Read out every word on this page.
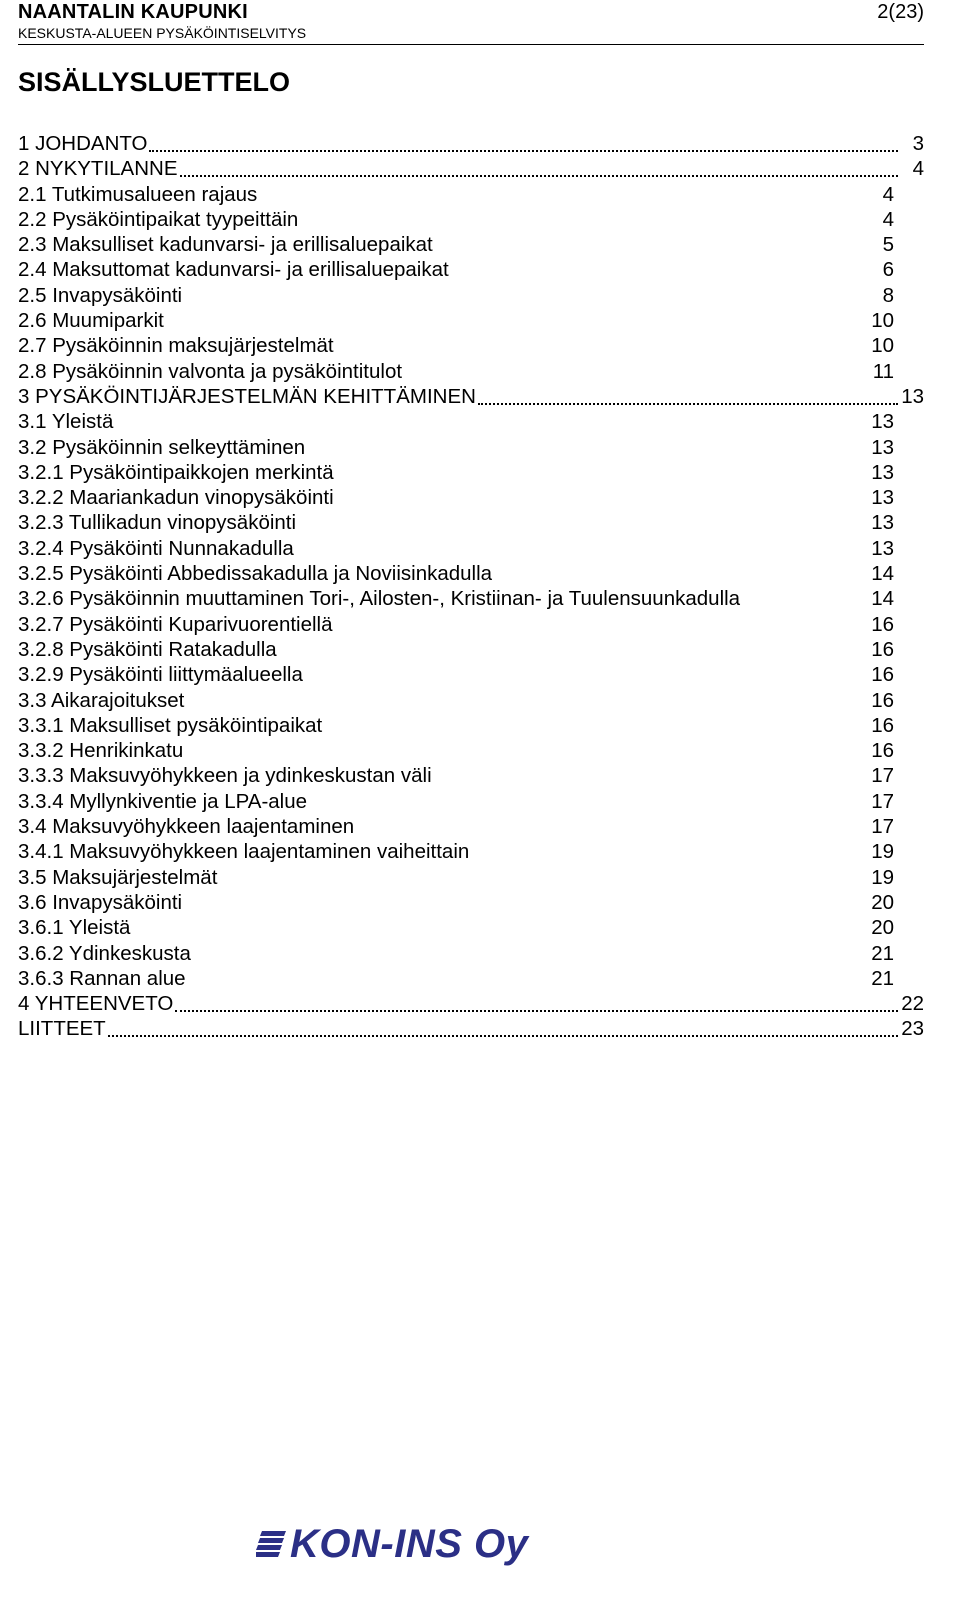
NAANTALIN KAUPUNKI	2(23)
KESKUSTA-ALUEEN PYSÄKÖINTISELVITYS
SISÄLLYSLUETTELO
1 JOHDANTO	3
2 NYKYTILANNE	4
2.1 Tutkimusalueen rajaus	4
2.2 Pysäköintipaikat tyypeittäin	4
2.3 Maksulliset kadunvarsi- ja erillisaluepaikat	5
2.4 Maksuttomat kadunvarsi- ja erillisaluepaikat	6
2.5 Invapysäköinti	8
2.6 Muumiparkit	10
2.7 Pysäköinnin maksujärjestelmät	10
2.8 Pysäköinnin valvonta ja pysäköintitulot	11
3 PYSÄKÖINTIJÄRJESTELMÄN KEHITTÄMINEN	13
3.1 Yleistä	13
3.2 Pysäköinnin selkeyttäminen	13
3.2.1 Pysäköintipaikkojen merkintä	13
3.2.2 Maariankadun vinopysäköinti	13
3.2.3 Tullikadun vinopysäköinti	13
3.2.4 Pysäköinti Nunnakadulla	13
3.2.5 Pysäköinti Abbedissakadulla ja Noviisinkadulla	14
3.2.6 Pysäköinnin muuttaminen Tori-, Ailosten-, Kristiinan- ja Tuulensuunkadulla	14
3.2.7 Pysäköinti Kuparivuorentiellä	16
3.2.8 Pysäköinti Ratakadulla	16
3.2.9 Pysäköinti liittymäalueella	16
3.3 Aikarajoitukset	16
3.3.1 Maksulliset pysäköintipaikat	16
3.3.2 Henrikinkatu	16
3.3.3 Maksuvyöhykkeen ja ydinkeskustan väli	17
3.3.4 Myllynkiventie ja LPA-alue	17
3.4 Maksuvyöhykkeen laajentaminen	17
3.4.1 Maksuvyöhykkeen laajentaminen vaiheittain	19
3.5 Maksujärjestelmät	19
3.6 Invapysäköinti	20
3.6.1 Yleistä	20
3.6.2 Ydinkeskusta	21
3.6.3 Rannan alue	21
4 YHTEENVETO	22
LIITTEET	23
KON-INS Oy
